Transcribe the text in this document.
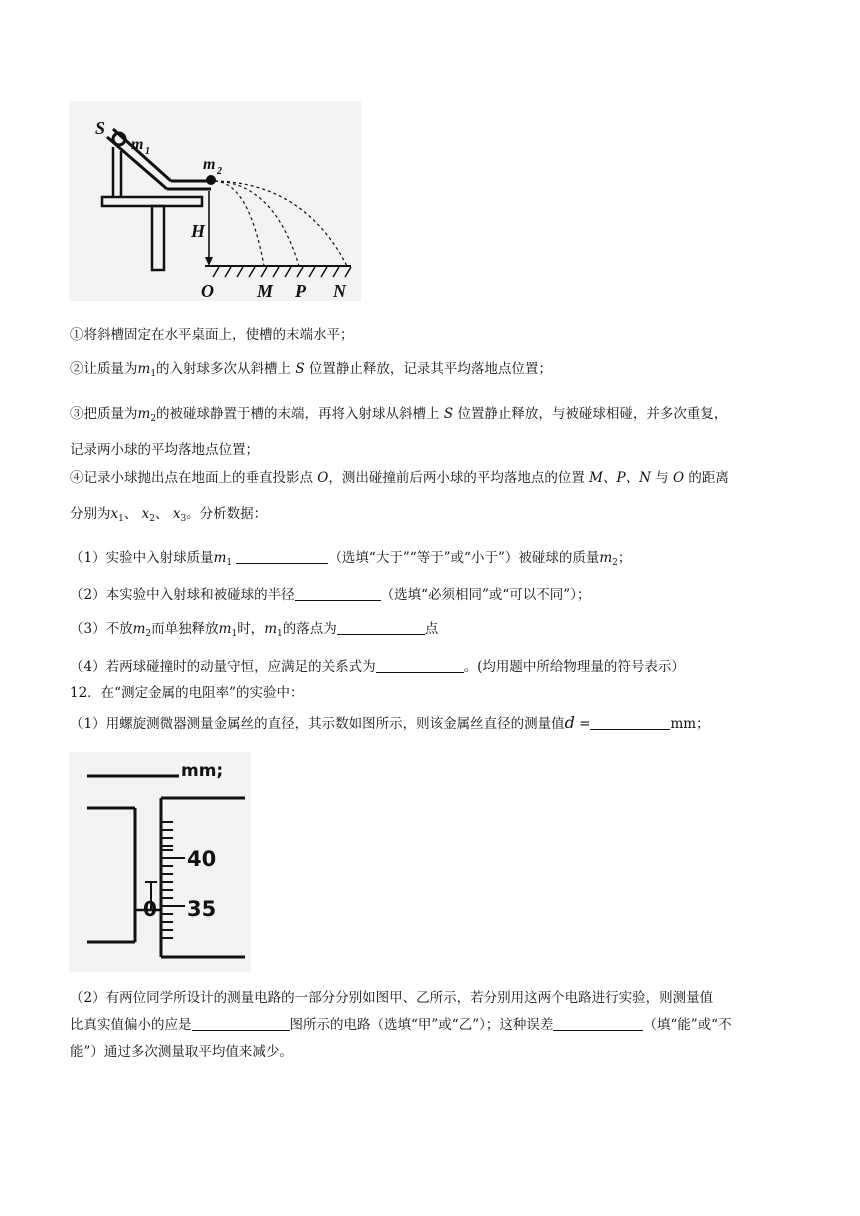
S
m 1
m 2
H
O M P N
①将斜槽固定在水平桌面上，使槽的末端水平；
②让质量为$m_1$的入射球多次从斜槽上 S 位置静止释放，记录其平均落地点位置；
③把质量为$m_2$的被碰球静置于槽的末端，再将入射球从斜槽上 S 位置静止释放，与被碰球相碰，并多次重复，
记录两小球的平均落地点位置；
④记录小球抛出点在地面上的垂直投影点 O，测出碰撞前后两小球的平均落地点的位置 M、P、N 与 O 的距离
分别为$x_1$、 $x_2$、 $x_3$。分析数据：
（1）实验中入射球质量$m_1$	（选填“大于”“等于”或“小于”）被碰球的质量$m_2$；
（2）本实验中入射球和被碰球的半径	（选填“必须相同”或“可以不同”）；
（3）不放$m_2$而单独释放$m_1$时，$m_1$的落点为	点
（4）若两球碰撞时的动量守恒，应满足的关系式为	。(均用题中所给物理量的符号表示）
12．在“测定金属的电阻率”的实验中：
（1）用螺旋测微器测量金属丝的直径，其示数如图所示，则该金属丝直径的测量值d =	mm；
mm;
40
35
0
（2）有两位同学所设计的测量电路的一部分分别如图甲、乙所示，若分别用这两个电路进行实验，则测量值
比真实值偏小的应是	图所示的电路（选填“甲”或“乙”）；这种误差	（填“能”或“不
能”）通过多次测量取平均值来减少。
